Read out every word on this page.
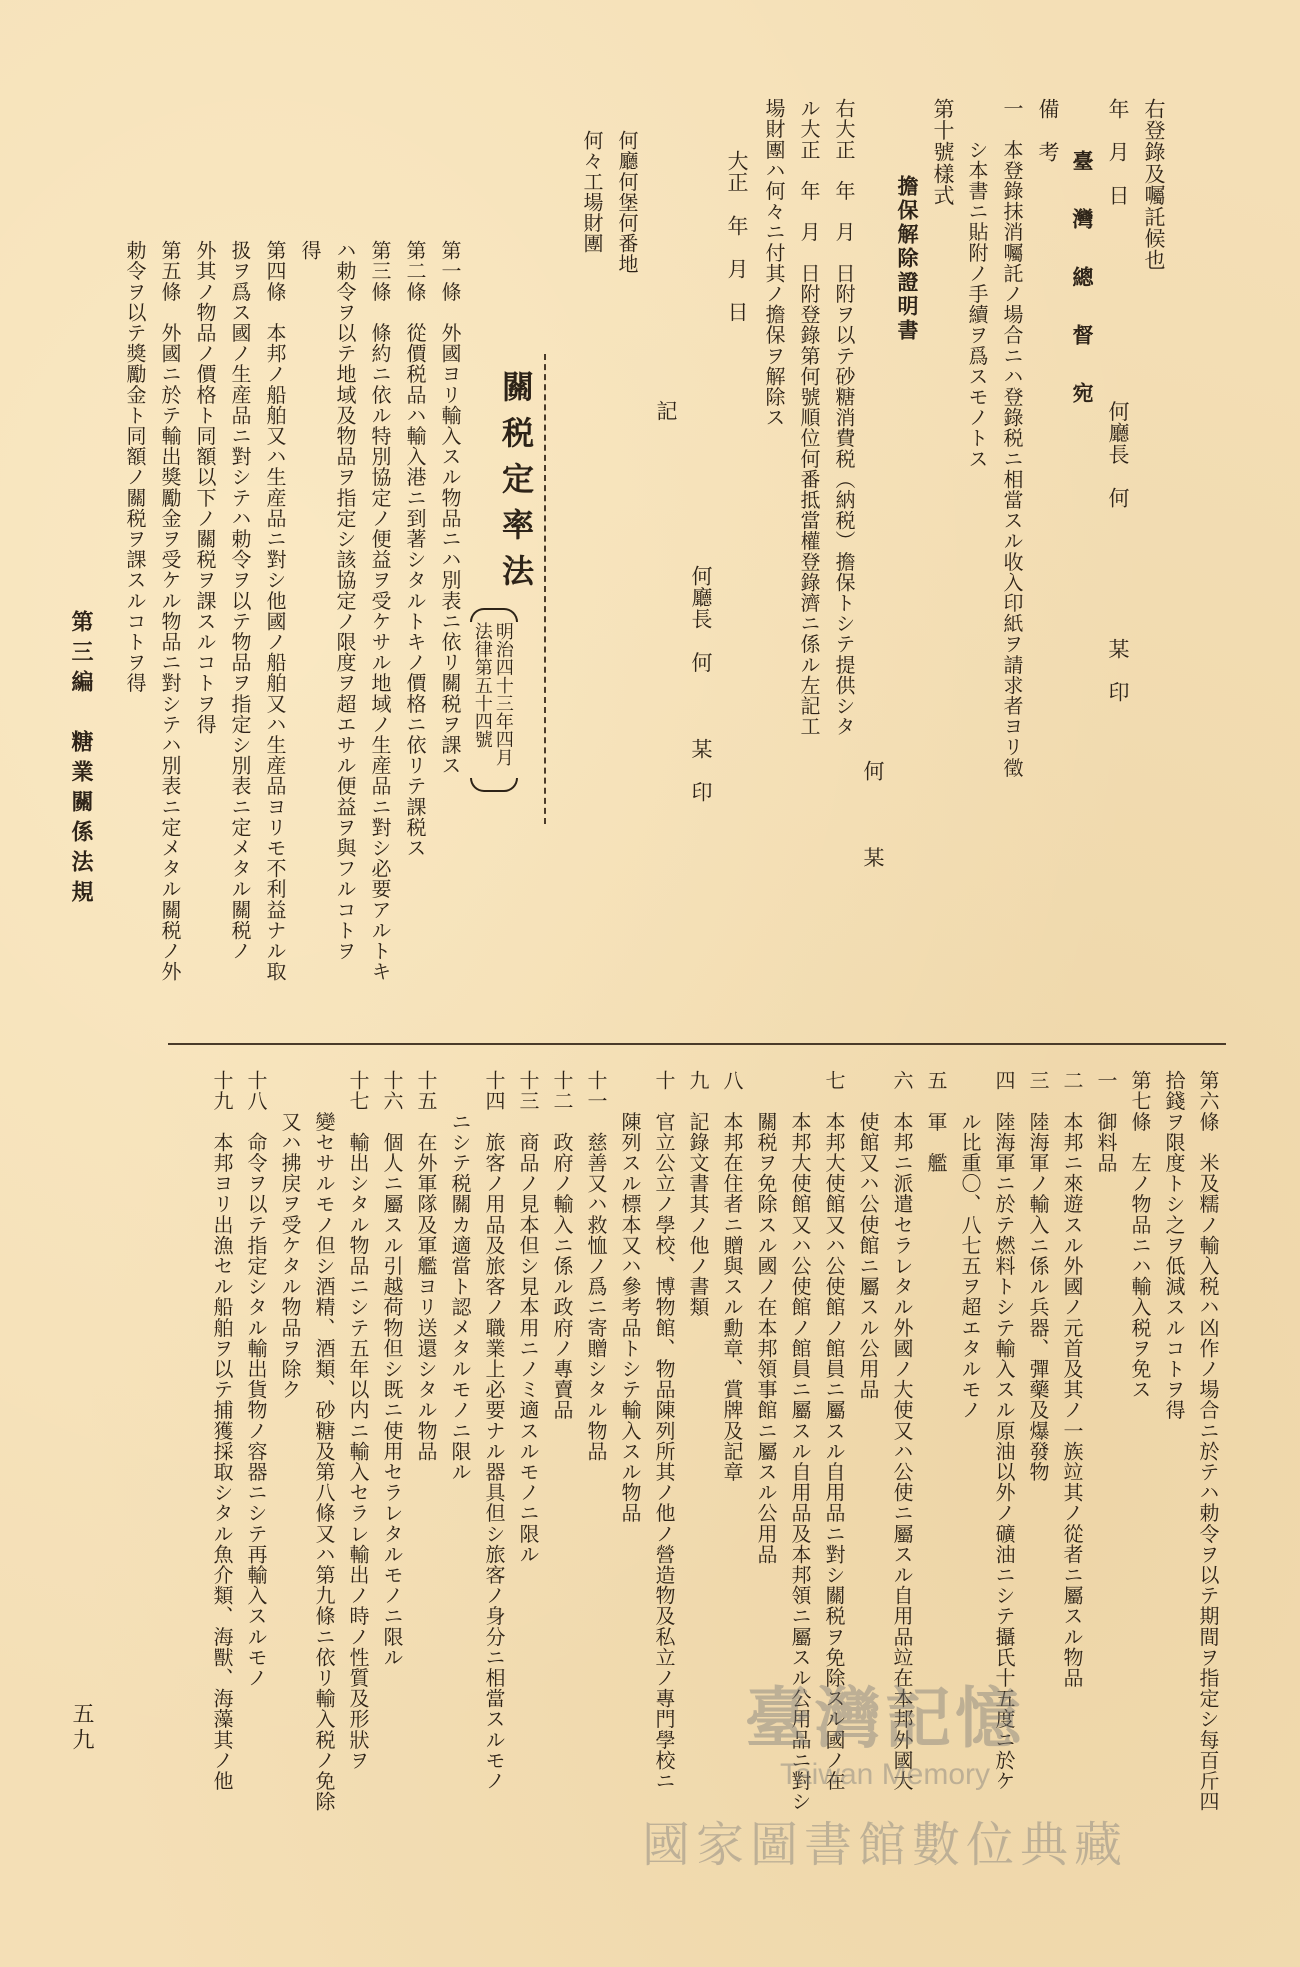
右登錄及囑託候也
年　月　日　　　　　　　　　何廳長　何　　　　　　某　印
臺　灣　總　督　宛
備　考
一　本登錄抹消囑託ノ場合ニハ登錄税ニ相當スル收入印紙ヲ請求者ヨリ徵
　　シ本書ニ貼附ノ手續ヲ爲スモノトス
第十號樣式
擔保解除證明書
何　　　某
右大正　年　月　日附ヲ以テ砂糖消費税（納税）擔保トシテ提供シタ
ル大正　年　月　日附登錄第何號順位何番抵當權登錄濟ニ係ル左記工
場財團ハ何々ニ付其ノ擔保ヲ解除ス
大正　年　月　日
何廳長　何　　　某　印
記
何廳何堡何番地
何々工場財團
關税定率法
明治四十三年四月
法律第五十四號
第一條　外國ヨリ輸入スル物品ニハ別表ニ依リ關税ヲ課ス
第二條　從價税品ハ輸入港ニ到著シタルトキノ價格ニ依リテ課税ス
第三條　條約ニ依ル特別協定ノ便益ヲ受ケサル地域ノ生産品ニ對シ必要アルトキ
ハ勅令ヲ以テ地域及物品ヲ指定シ該協定ノ限度ヲ超エサル便益ヲ與フルコトヲ
得
第四條　本邦ノ船舶又ハ生産品ニ對シ他國ノ船舶又ハ生産品ヨリモ不利益ナル取
扱ヲ爲ス國ノ生産品ニ對シテハ勅令ヲ以テ物品ヲ指定シ別表ニ定メタル關税ノ
外其ノ物品ノ價格ト同額以下ノ關税ヲ課スルコトヲ得
第五條　外國ニ於テ輸出獎勵金ヲ受ケル物品ニ對シテハ別表ニ定メタル關税ノ外
勅令ヲ以テ獎勵金ト同額ノ關税ヲ課スルコトヲ得
第三編　糖業關係法規
第六條　米及糯ノ輸入税ハ凶作ノ場合ニ於テハ勅令ヲ以テ期間ヲ指定シ每百斤四
拾錢ヲ限度トシ之ヲ低減スルコトヲ得
第七條　左ノ物品ニハ輸入税ヲ免ス
一　御料品
二　本邦ニ來遊スル外國ノ元首及其ノ一族竝其ノ從者ニ屬スル物品
三　陸海軍ノ輸入ニ係ル兵器、彈藥及爆發物
四　陸海軍ニ於テ燃料トシテ輸入スル原油以外ノ礦油ニシテ攝氏十五度ニ於ケ
　　ル比重〇、八七五ヲ超エタルモノ
五　軍　艦
六　本邦ニ派遣セラレタル外國ノ大使又ハ公使ニ屬スル自用品竝在本邦外國大
　　使館又ハ公使館ニ屬スル公用品
七　本邦大使館又ハ公使館ノ館員ニ屬スル自用品ニ對シ關税ヲ免除スル國ノ在
　　本邦大使館又ハ公使館ノ館員ニ屬スル自用品及本邦領ニ屬スル公用品ニ對シ
　　關税ヲ免除スル國ノ在本邦領事館ニ屬スル公用品
八　本邦在住者ニ贈與スル勳章、賞牌及記章
九　記錄文書其ノ他ノ書類
十　官立公立ノ學校、博物館、物品陳列所其ノ他ノ營造物及私立ノ專門學校ニ
　　陳列スル標本又ハ參考品トシテ輸入スル物品
十一　慈善又ハ救恤ノ爲ニ寄贈シタル物品
十二　政府ノ輸入ニ係ル政府ノ專賣品
十三　商品ノ見本但シ見本用ニノミ適スルモノニ限ル
十四　旅客ノ用品及旅客ノ職業上必要ナル器具但シ旅客ノ身分ニ相當スルモノ
　　ニシテ税關カ適當ト認メタルモノニ限ル
十五　在外軍隊及軍艦ヨリ送還シタル物品
十六　個人ニ屬スル引越荷物但シ既ニ使用セラレタルモノニ限ル
十七　輸出シタル物品ニシテ五年以内ニ輸入セラレ輸出ノ時ノ性質及形狀ヲ
　　變セサルモノ但シ酒精、酒類、砂糖及第八條又ハ第九條ニ依リ輸入税ノ免除
　　又ハ拂戻ヲ受ケタル物品ヲ除ク
十八　命令ヲ以テ指定シタル輸出貨物ノ容器ニシテ再輸入スルモノ
十九　本邦ヨリ出漁セル船舶ヲ以テ捕獲採取シタル魚介類、海獸、海藻其ノ他
五九	臺灣記憶
Taiwan Memory
國家圖書館數位典藏
